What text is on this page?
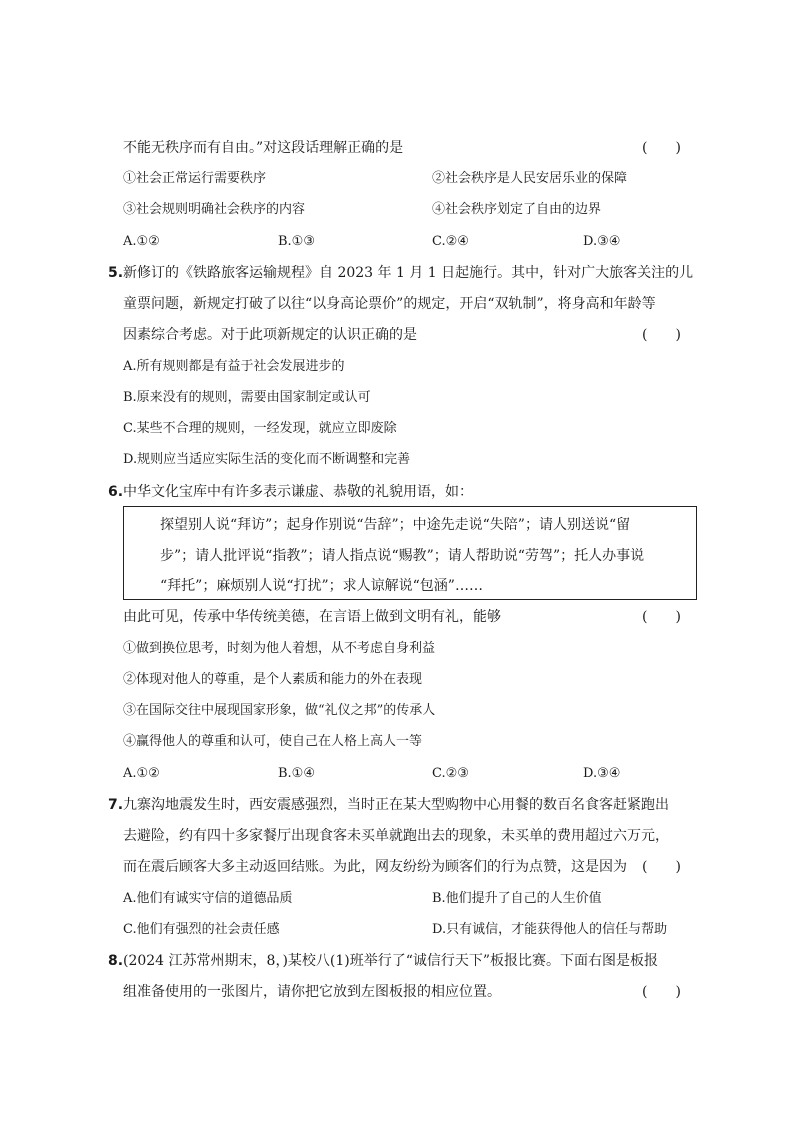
不能无秩序而有自由。”对这段话理解正确的是	(　　)
①社会正常运行需要秩序	②社会秩序是人民安居乐业的保障
③社会规则明确社会秩序的内容	④社会秩序划定了自由的边界
A.①②	B.①③	C.②④	D.③④
5. 新修订的《铁路旅客运输规程》自 2023 年 1 月 1 日起施行。其中，针对广大旅客关注的儿
童票问题，新规定打破了以往“以身高论票价”的规定，开启“双轨制”，将身高和年龄等
因素综合考虑。对于此项新规定的认识正确的是	(　　)
A.所有规则都是有益于社会发展进步的
B.原来没有的规则，需要由国家制定或认可
C.某些不合理的规则，一经发现，就应立即废除
D.规则应当适应实际生活的变化而不断调整和完善
6. 中华文化宝库中有许多表示谦虚、恭敬的礼貌用语，如：
探望别人说“拜访”；起身作别说“告辞”；中途先走说“失陪”；请人别送说“留
步”；请人批评说“指教”；请人指点说“赐教”；请人帮助说“劳驾”；托人办事说
“拜托”；麻烦别人说“打扰”；求人谅解说“包涵”……
由此可见，传承中华传统美德，在言语上做到文明有礼，能够	(　　)
①做到换位思考，时刻为他人着想，从不考虑自身利益
②体现对他人的尊重，是个人素质和能力的外在表现
③在国际交往中展现国家形象，做“礼仪之邦”的传承人
④赢得他人的尊重和认可，使自己在人格上高人一等
A.①②	B.①④	C.②③	D.③④
7. 九寨沟地震发生时，西安震感强烈，当时正在某大型购物中心用餐的数百名食客赶紧跑出
去避险，约有四十多家餐厅出现食客未买单就跑出去的现象，未买单的费用超过六万元，
而在震后顾客大多主动返回结账。为此，网友纷纷为顾客们的行为点赞，这是因为 (　　)
A.他们有诚实守信的道德品质	B.他们提升了自己的人生价值
C.他们有强烈的社会责任感	D.只有诚信，才能获得他人的信任与帮助
8. (2024 江苏常州期末，8，)某校八(1)班举行了“诚信行天下”板报比赛。下面右图是板报
组准备使用的一张图片，请你把它放到左图板报的相应位置。	(　　)
